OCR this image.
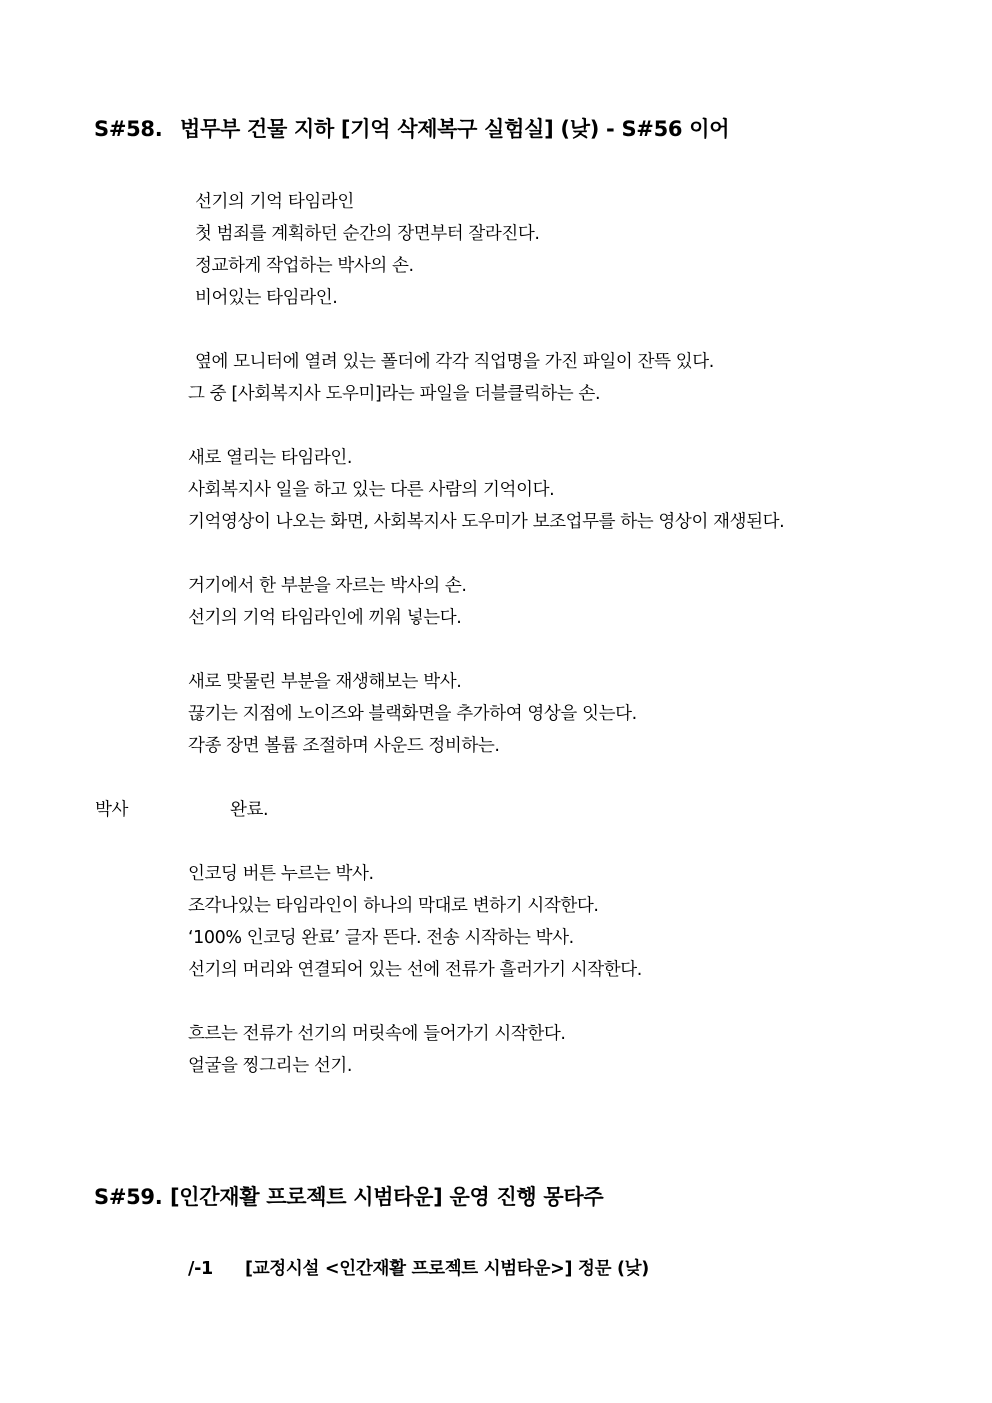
S#58. 법무부 건물 지하 [기억 삭제복구 실험실] (낮) - S#56 이어
선기의 기억 타임라인
첫 범죄를 계획하던 순간의 장면부터 잘라진다.
정교하게 작업하는 박사의 손.
비어있는 타임라인.
옆에 모니터에 열려 있는 폴더에 각각 직업명을 가진 파일이 잔뜩 있다.
그 중 [사회복지사 도우미]라는 파일을 더블클릭하는 손.
새로 열리는 타임라인.
사회복지사 일을 하고 있는 다른 사람의 기억이다.
기억영상이 나오는 화면, 사회복지사 도우미가 보조업무를 하는 영상이 재생된다.
거기에서 한 부분을 자르는 박사의 손.
선기의 기억 타임라인에 끼워 넣는다.
새로 맞물린 부분을 재생해보는 박사.
끊기는 지점에 노이즈와 블랙화면을 추가하여 영상을 잇는다.
각종 장면 볼륨 조절하며 사운드 정비하는.
박사	완료.
인코딩 버튼 누르는 박사.
조각나있는 타임라인이 하나의 막대로 변하기 시작한다.
‘100% 인코딩 완료’ 글자 뜬다. 전송 시작하는 박사.
선기의 머리와 연결되어 있는 선에 전류가 흘러가기 시작한다.
흐르는 전류가 선기의 머릿속에 들어가기 시작한다.
얼굴을 찡그리는 선기.
S#59. [인간재활 프로젝트 시범타운] 운영 진행 몽타주
/-1 [교정시설 <인간재활 프로젝트 시범타운>] 정문 (낮)
